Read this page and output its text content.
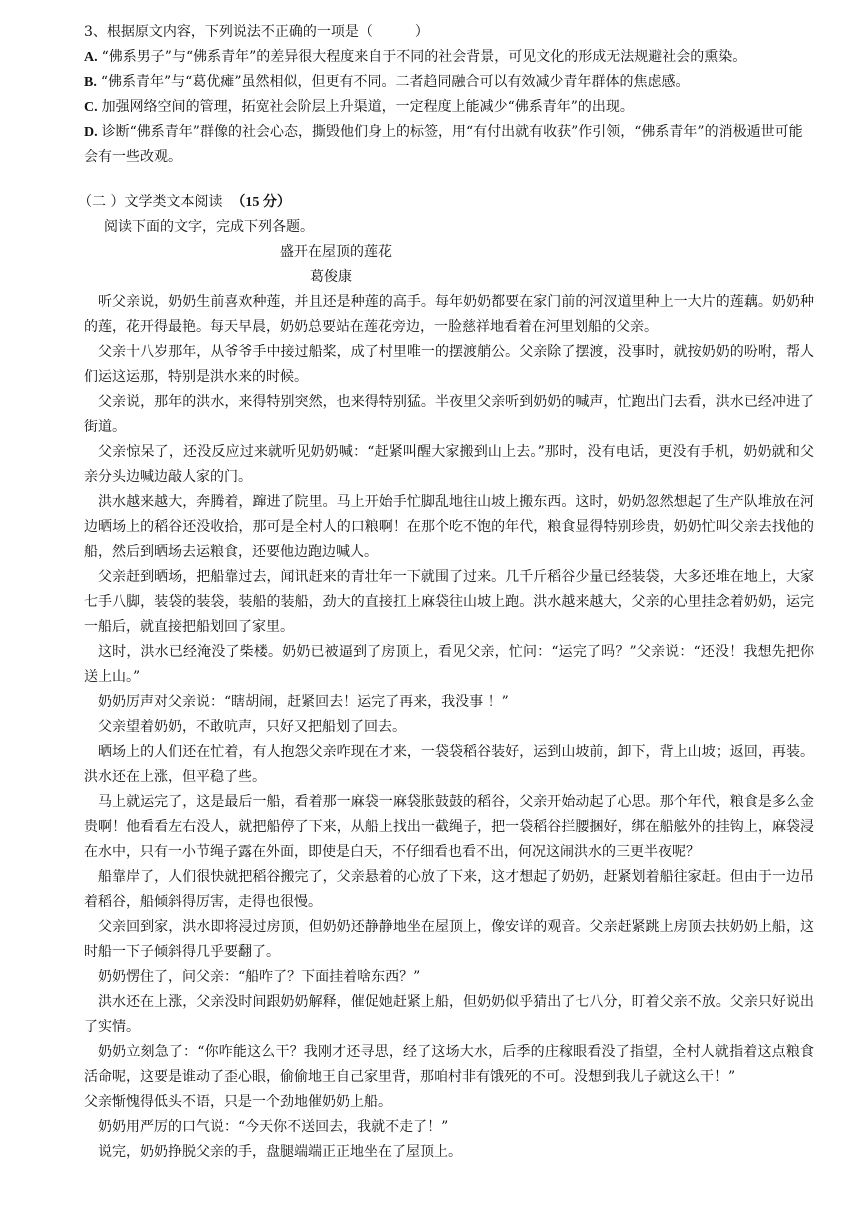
3、根据原文内容，下列说法不正确的一项是（　　　）

A. “佛系男子”与“佛系青年”的差异很大程度来自于不同的社会背景，可见文化的形成无法规避社会的熏染。

B. “佛系青年”与“葛优瘫”虽然相似，但更有不同。二者趋同融合可以有效减少青年群体的焦虑感。

C. 加强网络空间的管理，拓宽社会阶层上升渠道，一定程度上能减少“佛系青年”的出现。

D. 诊断“佛系青年”群像的社会心态，撕毁他们身上的标签，用“有付出就有收获”作引领，“佛系青年”的消极遁世可能会有一些改观。

（二 ）文学类文本阅读 （15 分）

阅读下面的文字，完成下列各题。

盛开在屋顶的莲花

葛俊康

听父亲说，奶奶生前喜欢种莲，并且还是种莲的高手。每年奶奶都要在家门前的河汊道里种上一大片的莲藕。奶奶种的莲，花开得最艳。每天早晨，奶奶总要站在莲花旁边，一脸慈祥地看着在河里划船的父亲。

父亲十八岁那年，从爷爷手中接过船桨，成了村里唯一的摆渡艄公。父亲除了摆渡，没事时，就按奶奶的吩咐，帮人们运这运那，特别是洪水来的时候。

父亲说，那年的洪水，来得特别突然，也来得特别猛。半夜里父亲听到奶奶的喊声，忙跑出门去看，洪水已经冲进了街道。

父亲惊呆了，还没反应过来就听见奶奶喊：“赶紧叫醒大家搬到山上去。”那时，没有电话，更没有手机，奶奶就和父亲分头边喊边敲人家的门。

洪水越来越大，奔腾着，蹿进了院里。马上开始手忙脚乱地往山坡上搬东西。这时，奶奶忽然想起了生产队堆放在河边晒场上的稻谷还没收拾，那可是全村人的口粮啊！在那个吃不饱的年代，粮食显得特别珍贵，奶奶忙叫父亲去找他的船，然后到晒场去运粮食，还要他边跑边喊人。

父亲赶到晒场，把船靠过去，闻讯赶来的青壮年一下就围了过来。几千斤稻谷少量已经装袋，大多还堆在地上，大家七手八脚，装袋的装袋，装船的装船，劲大的直接扛上麻袋往山坡上跑。洪水越来越大，父亲的心里挂念着奶奶，运完一船后，就直接把船划回了家里。

这时，洪水已经淹没了柴楼。奶奶已被逼到了房顶上，看见父亲，忙问：“运完了吗？”父亲说：“还没！我想先把你送上山。”

奶奶厉声对父亲说：“瞎胡闹，赶紧回去！运完了再来，我没事 ！”

父亲望着奶奶，不敢吭声，只好又把船划了回去。

晒场上的人们还在忙着，有人抱怨父亲咋现在才来，一袋袋稻谷装好，运到山坡前，卸下，背上山坡；返回，再装。洪水还在上涨，但平稳了些。

马上就运完了，这是最后一船，看着那一麻袋一麻袋胀鼓鼓的稻谷，父亲开始动起了心思。那个年代，粮食是多么金贵啊！他看看左右没人，就把船停了下来，从船上找出一截绳子，把一袋稻谷拦腰捆好，绑在船舷外的挂钩上，麻袋浸在水中，只有一小节绳子露在外面，即使是白天，不仔细看也看不出，何况这闹洪水的三更半夜呢？

船靠岸了，人们很快就把稻谷搬完了，父亲悬着的心放了下来，这才想起了奶奶，赶紧划着船往家赶。但由于一边吊着稻谷，船倾斜得厉害，走得也很慢。

父亲回到家，洪水即将浸过房顶，但奶奶还静静地坐在屋顶上，像安详的观音。父亲赶紧跳上房顶去扶奶奶上船，这时船一下子倾斜得几乎要翻了。

奶奶愣住了，问父亲：“船咋了？下面挂着啥东西？”

洪水还在上涨，父亲没时间跟奶奶解释，催促她赶紧上船，但奶奶似乎猜出了七八分，盯着父亲不放。父亲只好说出了实情。

奶奶立刻急了：“你咋能这么干？我刚才还寻思，经了这场大水，后季的庄稼眼看没了指望，全村人就指着这点粮食活命呢，这要是谁动了歪心眼，偷偷地王自己家里背，那咱村非有饿死的不可。没想到我儿子就这么干！”

父亲惭愧得低头不语，只是一个劲地催奶奶上船。

奶奶用严厉的口气说：“今天你不送回去，我就不走了！”

说完，奶奶挣脱父亲的手，盘腿端端正正地坐在了屋顶上。
